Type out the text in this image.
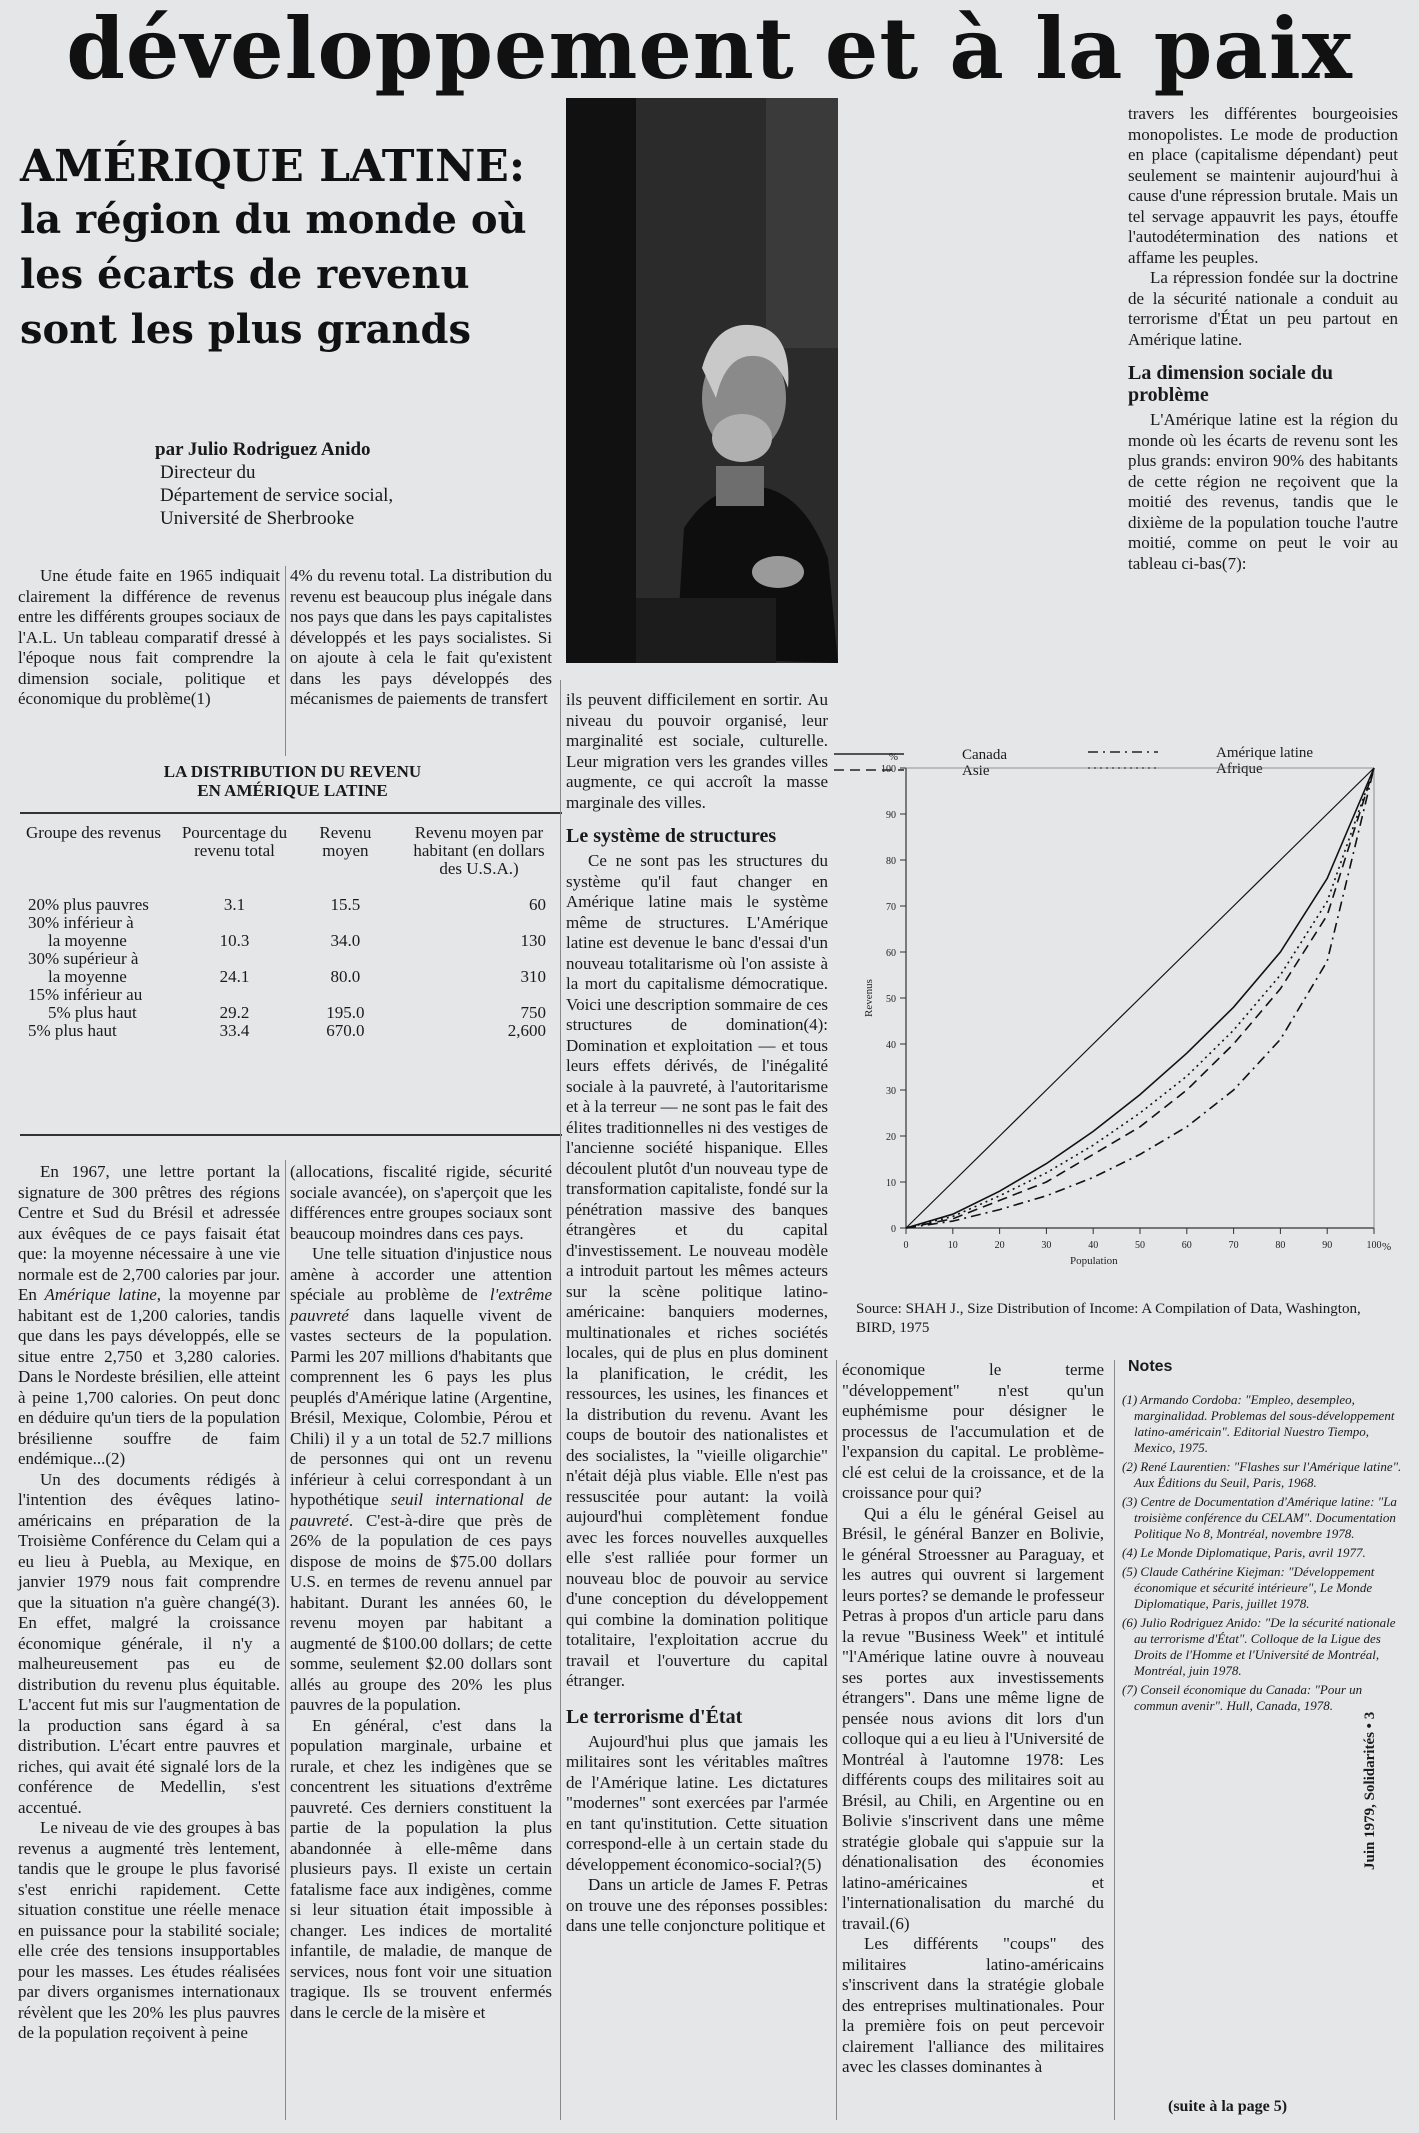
développement et à la paix
AMÉRIQUE LATINE:
la région du monde où les écarts de revenu sont les plus grands
par Julio Rodriguez Anido
Directeur du
Département de service social,
Université de Sherbrooke

Une étude faite en 1965 indiquait clairement la différence de revenus entre les différents groupes sociaux de l'A.L. Un tableau comparatif dressé à l'époque nous fait comprendre la dimension sociale, politique et économique du problème(1)

4% du revenu total. La distribution du revenu est beaucoup plus inégale dans nos pays que dans les pays capitalistes développés et les pays socialistes. Si on ajoute à cela le fait qu'existent dans les pays développés des mécanismes de paiements de transfert

LA DISTRIBUTION DU REVENU
EN AMÉRIQUE LATINE
Groupe des revenus	Pourcentage du revenu total	Revenu moyen	Revenu moyen par habitant (en dollars des U.S.A.)

20% plus pauvres	3.1	15.5	60

30% inférieur à
la moyenne	10.3	34.0	130

30% supérieur à
la moyenne	24.1	80.0	310

15% inférieur au
5% plus haut	29.2	195.0	750

5% plus haut	33.4	670.0	2,600

En 1967, une lettre portant la signature de 300 prêtres des régions Centre et Sud du Brésil et adressée aux évêques de ce pays faisait état que: la moyenne nécessaire à une vie normale est de 2,700 calories par jour. En Amérique latine, la moyenne par habitant est de 1,200 calories, tandis que dans les pays développés, elle se situe entre 2,750 et 3,280 calories. Dans le Nordeste brésilien, elle atteint à peine 1,700 calories. On peut donc en déduire qu'un tiers de la population brésilienne souffre de faim endémique...(2)

Un des documents rédigés à l'intention des évêques latino-américains en préparation de la Troisième Conférence du Celam qui a eu lieu à Puebla, au Mexique, en janvier 1979 nous fait comprendre que la situation n'a guère changé(3). En effet, malgré la croissance économique générale, il n'y a malheureusement pas eu de distribution du revenu plus équitable. L'accent fut mis sur l'augmentation de la production sans égard à sa distribution. L'écart entre pauvres et riches, qui avait été signalé lors de la conférence de Medellin, s'est accentué.

Le niveau de vie des groupes à bas revenus a augmenté très lentement, tandis que le groupe le plus favorisé s'est enrichi rapidement. Cette situation constitue une réelle menace en puissance pour la stabilité sociale; elle crée des tensions insupportables pour les masses. Les études réalisées par divers organismes internationaux révèlent que les 20% les plus pauvres de la population reçoivent à peine

(allocations, fiscalité rigide, sécurité sociale avancée), on s'aperçoit que les différences entre groupes sociaux sont beaucoup moindres dans ces pays.

Une telle situation d'injustice nous amène à accorder une attention spéciale au problème de l'extrême pauvreté dans laquelle vivent de vastes secteurs de la population. Parmi les 207 millions d'habitants que comprennent les 6 pays les plus peuplés d'Amérique latine (Argentine, Brésil, Mexique, Colombie, Pérou et Chili) il y a un total de 52.7 millions de personnes qui ont un revenu inférieur à celui correspondant à un hypothétique seuil international de pauvreté. C'est-à-dire que près de 26% de la population de ces pays dispose de moins de $75.00 dollars U.S. en termes de revenu annuel par habitant. Durant les années 60, le revenu moyen par habitant a augmenté de $100.00 dollars; de cette somme, seulement $2.00 dollars sont allés au groupe des 20% les plus pauvres de la population.

En général, c'est dans la population marginale, urbaine et rurale, et chez les indigènes que se concentrent les situations d'extrême pauvreté. Ces derniers constituent la partie de la population la plus abandonnée à elle-même dans plusieurs pays. Il existe un certain fatalisme face aux indigènes, comme si leur situation était impossible à changer. Les indices de mortalité infantile, de maladie, de manque de services, nous font voir une situation tragique. Ils se trouvent enfermés dans le cercle de la misère et

ils peuvent difficilement en sortir. Au niveau du pouvoir organisé, leur marginalité est sociale, culturelle. Leur migration vers les grandes villes augmente, ce qui accroît la masse marginale des villes.

Le système de structures

Ce ne sont pas les structures du système qu'il faut changer en Amérique latine mais le système même de structures. L'Amérique latine est devenue le banc d'essai d'un nouveau totalitarisme où l'on assiste à la mort du capitalisme démocratique. Voici une description sommaire de ces structures de domination(4): Domination et exploitation — et tous leurs effets dérivés, de l'inégalité sociale à la pauvreté, à l'autoritarisme et à la terreur — ne sont pas le fait des élites traditionnelles ni des vestiges de l'ancienne société hispanique. Elles découlent plutôt d'un nouveau type de transformation capitaliste, fondé sur la pénétration massive des banques étrangères et du capital d'investissement. Le nouveau modèle a introduit partout les mêmes acteurs sur la scène politique latino-américaine: banquiers modernes, multinationales et riches sociétés locales, qui de plus en plus dominent la planification, le crédit, les ressources, les usines, les finances et la distribution du revenu. Avant les coups de boutoir des nationalistes et des socialistes, la "vieille oligarchie" n'était déjà plus viable. Elle n'est pas ressuscitée pour autant: la voilà aujourd'hui complètement fondue avec les forces nouvelles auxquelles elle s'est ralliée pour former un nouveau bloc de pouvoir au service d'une conception du développement qui combine la domination politique totalitaire, l'exploitation accrue du travail et l'ouverture du capital étranger.

Le terrorisme d'État

Aujourd'hui plus que jamais les militaires sont les véritables maîtres de l'Amérique latine. Les dictatures "modernes" sont exercées par l'armée en tant qu'institution. Cette situation correspond-elle à un certain stade du développement économico-social?(5)

Dans un article de James F. Petras on trouve une des réponses possibles: dans une telle conjoncture politique et

économique le terme "développement" n'est qu'un euphémisme pour désigner le processus de l'accumulation et de l'expansion du capital. Le problème-clé est celui de la croissance, et de la croissance pour qui?

Qui a élu le général Geisel au Brésil, le général Banzer en Bolivie, le général Stroessner au Paraguay, et les autres qui ouvrent si largement leurs portes? se demande le professeur Petras à propos d'un article paru dans la revue "Business Week" et intitulé "l'Amérique latine ouvre à nouveau ses portes aux investissements étrangers". Dans une même ligne de pensée nous avions dit lors d'un colloque qui a eu lieu à l'Université de Montréal à l'automne 1978: Les différents coups des militaires soit au Brésil, au Chili, en Argentine ou en Bolivie s'inscrivent dans une même stratégie globale qui s'appuie sur la dénationalisation des économies latino-américaines et l'internationalisation du marché du travail.(6)

Les différents "coups" des militaires latino-américains s'inscrivent dans la stratégie globale des entreprises multinationales. Pour la première fois on peut percevoir clairement l'alliance des militaires avec les classes dominantes à

travers les différentes bourgeoisies monopolistes. Le mode de production en place (capitalisme dépendant) peut seulement se maintenir aujourd'hui à cause d'une répression brutale. Mais un tel servage appauvrit les pays, étouffe l'autodétermination des nations et affame les peuples.

La répression fondée sur la doctrine de la sécurité nationale a conduit au terrorisme d'État un peu partout en Amérique latine.

La dimension sociale du problème

L'Amérique latine est la région du monde où les écarts de revenu sont les plus grands: environ 90% des habitants de cette région ne reçoivent que la moitié des revenus, tandis que le dixième de la population touche l'autre moitié, comme on peut le voir au tableau ci-bas(7):

Canada
Asie
Amérique latine
Afrique
0
10
20
30
40
50
60
70
80
90
100
0	10	20	30	40	50	60	70	80	90	100
%
%
Population
Revenus
Source: SHAH J., Size Distribution of Income: A Compilation of Data, Washington, BIRD, 1975
Notes

(1) Armando Cordoba: "Empleo, desempleo, marginalidad. Problemas del sous-développement latino-américain". Editorial Nuestro Tiempo, Mexico, 1975.

(2) René Laurentien: "Flashes sur l'Amérique latine". Aux Éditions du Seuil, Paris, 1968.

(3) Centre de Documentation d'Amérique latine: "La troisième conférence du CELAM". Documentation Politique No 8, Montréal, novembre 1978.

(4) Le Monde Diplomatique, Paris, avril 1977.

(5) Claude Cathérine Kiejman: "Développement économique et sécurité intérieure", Le Monde Diplomatique, Paris, juillet 1978.

(6) Julio Rodriguez Anido: "De la sécurité nationale au terrorisme d'État". Colloque de la Ligue des Droits de l'Homme et l'Université de Montréal, Montréal, juin 1978.

(7) Conseil économique du Canada: "Pour un commun avenir". Hull, Canada, 1978.

(suite à la page 5)
Juin 1979, Solidarités • 3
